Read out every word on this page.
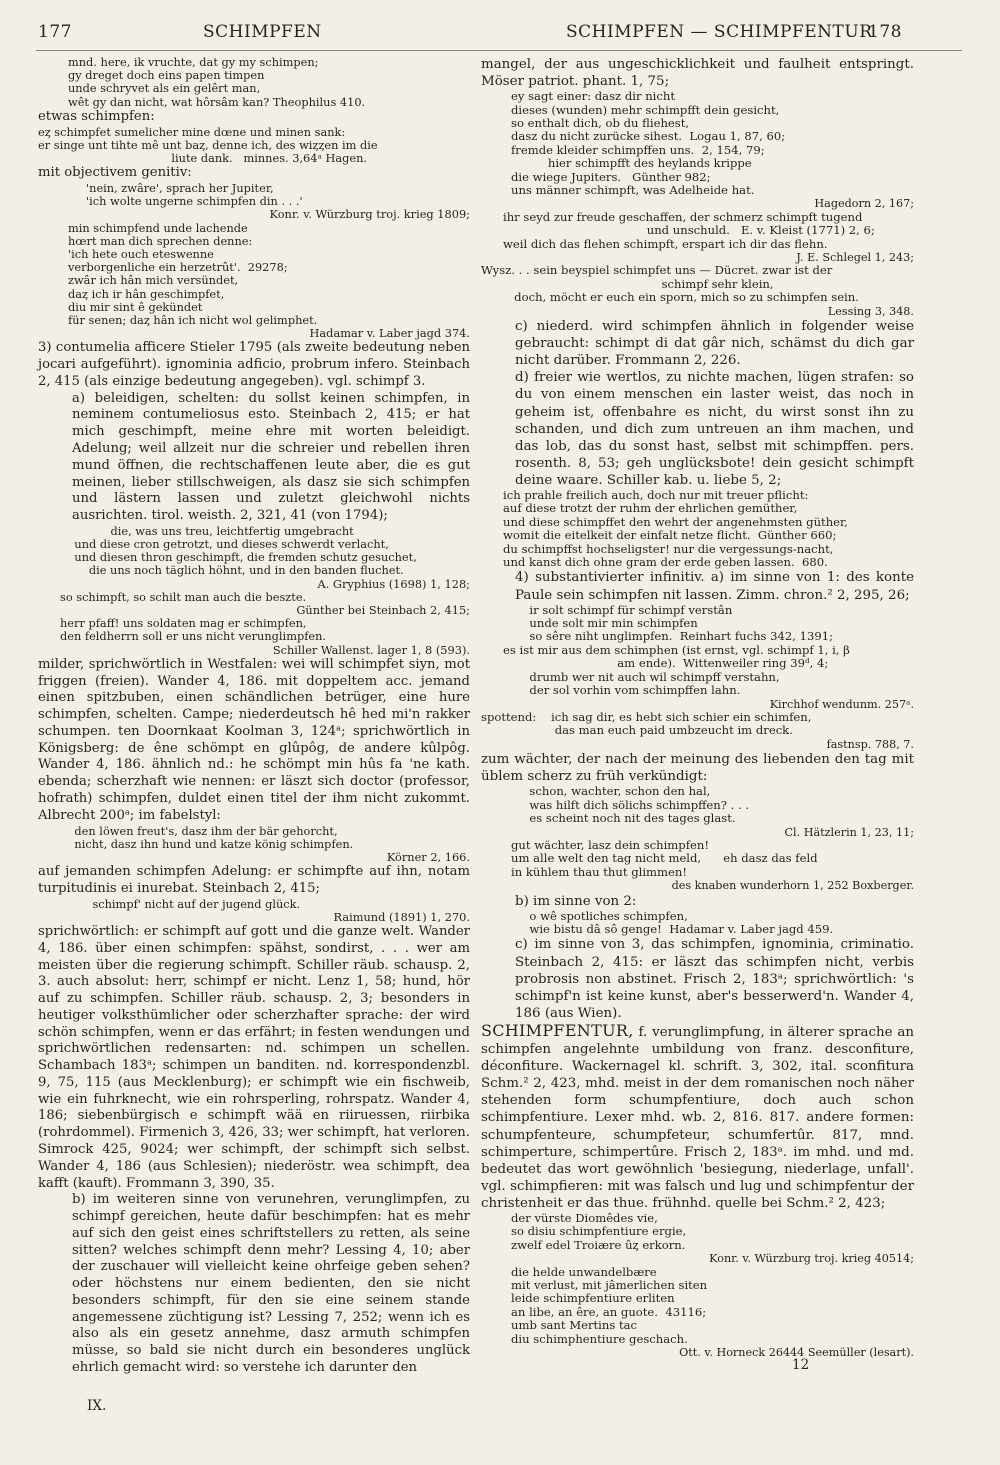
177	SCHIMPFEN	SCHIMPFEN — SCHIMPFENTUR
178
mnd. here, ik vruchte, dat gy my schimpen;
gy dreget doch eins papen timpen
unde schryvet als ein gelêrt man,
wêt gy dan nicht, wat hôrsâm kan? Theophilus 410.

etwas schimpfen:

eȥ schimpfet sumelicher mine dœne und minen sank:
er singe unt tihte mê unt baȥ, denne ich, des wiȥȥen im die
liute dank.   minnes. 3,64ᵃ Hagen.

mit objectivem genitiv:

'nein, zwâre', sprach her Jupiter,
'ich wolte ungerne schimpfen din . . .'
Konr. v. Würzburg troj. krieg 1809;
min schimpfend unde lachende
hœrt man dich sprechen denne:
'ich hete ouch eteswenne
verborgenliche ein herzetrût'.  29278;
zwâr ich hân mich versündet,
daȥ ich ir hân geschimpfet,
diu mir sint ê gekündet
für senen; daȥ hân ich nicht wol gelimphet.
Hadamar v. Laber jagd 374.

3) contumelia afficere Stieler 1795 (als zweite bedeutung neben jocari aufgeführt). ignominia adficio, probrum infero. Steinbach 2, 415 (als einzige bedeutung angegeben). vgl. schimpf 3.

a) beleidigen, schelten: du sollst keinen schimpfen, in neminem contumeliosus esto. Steinbach 2, 415; er hat mich geschimpft, meine ehre mit worten beleidigt. Adelung; weil allzeit nur die schreier und rebellen ihren mund öffnen, die rechtschaffenen leute aber, die es gut meinen, lieber stillschweigen, als dasz sie sich schimpfen und lästern lassen und zuletzt gleichwohl nichts ausrichten. tirol. weisth. 2, 321, 41 (von 1794);

die, was uns treu, leichtfertig umgebracht
und diese cron getrotzt, und dieses schwerdt verlacht,
und diesen thron geschimpft, die fremden schutz gesuchet,
die uns noch täglich höhnt, und in den banden fluchet.
A. Gryphius (1698) 1, 128;
so schimpft, so schilt man auch die beszte.
Günther bei Steinbach 2, 415;
herr pfaff! uns soldaten mag er schimpfen,
den feldherrn soll er uns nicht verunglimpfen.
Schiller Wallenst. lager 1, 8 (593).

milder, sprichwörtlich in Westfalen: wei will schimpfet siyn, mot friggen (freien). Wander 4, 186. mit doppeltem acc. jemand einen spitzbuben, einen schändlichen betrüger, eine hure schimpfen, schelten. Campe; niederdeutsch hê hed mi'n rakker schumpen. ten Doornkaat Koolman 3, 124ᵃ; sprichwörtlich in Königsberg: de êne schömpt en glûpôg, de andere kûlpôg. Wander 4, 186. ähnlich nd.: he schömpt min hûs fa 'ne kath. ebenda; scherzhaft wie nennen: er läszt sich doctor (professor, hofrath) schimpfen, duldet einen titel der ihm nicht zukommt. Albrecht 200ᵃ; im fabelstyl:

den löwen freut's, dasz ihm der bär gehorcht,
nicht, dasz ihn hund und katze könig schimpfen.
Körner 2, 166.

auf jemanden schimpfen Adelung: er schimpfte auf ihn, notam turpitudinis ei inurebat. Steinbach 2, 415;

schimpf' nicht auf der jugend glück.
Raimund (1891) 1, 270.

sprichwörtlich: er schimpft auf gott und die ganze welt. Wander 4, 186. über einen schimpfen: spähst, sondirst, . . . wer am meisten über die regierung schimpft. Schiller räub. schausp. 2, 3. auch absolut: herr, schimpf er nicht. Lenz 1, 58; hund, hör auf zu schimpfen. Schiller räub. schausp. 2, 3; besonders in heutiger volksthümlicher oder scherzhafter sprache: der wird schön schimpfen, wenn er das erfährt; in festen wendungen und sprichwörtlichen redensarten: nd. schimpen un schellen. Schambach 183ᵃ; schimpen un banditen. nd. korrespondenzbl. 9, 75, 115 (aus Mecklenburg); er schimpft wie ein fischweib, wie ein fuhrknecht, wie ein rohrsperling, rohrspatz. Wander 4, 186; siebenbürgisch e schimpft wää en riiruessen, riirbika (rohrdommel). Firmenich 3, 426, 33; wer schimpft, hat verloren. Simrock 425, 9024; wer schimpft, der schimpft sich selbst. Wander 4, 186 (aus Schlesien); niederöstr. wea schimpft, dea kafft (kauft). Frommann 3, 390, 35.

b) im weiteren sinne von verunehren, verunglimpfen, zu schimpf gereichen, heute dafür beschimpfen: hat es mehr auf sich den geist eines schriftstellers zu retten, als seine sitten? welches schimpft denn mehr? Lessing 4, 10; aber der zuschauer will vielleicht keine ohrfeige geben sehen? oder höchstens nur einem bedienten, den sie nicht besonders schimpft, für den sie eine seinem stande angemessene züchtigung ist? Lessing 7, 252; wenn ich es also als ein gesetz annehme, dasz armuth schimpfen müsse, so bald sie nicht durch ein besonderes unglück ehrlich gemacht wird: so verstehe ich darunter den

mangel, der aus ungeschicklichkeit und faulheit entspringt. Möser patriot. phant. 1, 75;

ey sagt einer: dasz dir nicht
dieses (wunden) mehr schimpfft dein gesicht,
so enthalt dich, ob du fliehest,
dasz du nicht zurücke sihest.  Logau 1, 87, 60;
fremde kleider schimpffen uns.  2, 154, 79;
hier schimpfft des heylands krippe
die wiege Jupiters.   Günther 982;
uns männer schimpft, was Adelheide hat.
Hagedorn 2, 167;
ihr seyd zur freude geschaffen, der schmerz schimpft tugend
und unschuld.   E. v. Kleist (1771) 2, 6;
weil dich das flehen schimpft, erspart ich dir das flehn.
J. E. Schlegel 1, 243;
Wysz. . . sein beyspiel schimpfet uns — Dücret. zwar ist der
schimpf sehr klein,
doch, möcht er euch ein sporn, mich so zu schimpfen sein.
Lessing 3, 348.

c) niederd. wird schimpfen ähnlich in folgender weise gebraucht: schimpt di dat gâr nich, schämst du dich gar nicht darüber. Frommann 2, 226.

d) freier wie wertlos, zu nichte machen, lügen strafen: so du von einem menschen ein laster weist, das noch in geheim ist, offenbahre es nicht, du wirst sonst ihn zu schanden, und dich zum untreuen an ihm machen, und das lob, das du sonst hast, selbst mit schimpffen. pers. rosenth. 8, 53; geh unglücksbote! dein gesicht schimpft deine waare. Schiller kab. u. liebe 5, 2;

ich prahle freilich auch, doch nur mit treuer pflicht:
auf diese trotzt der ruhm der ehrlichen gemüther,
und diese schimpffet den wehrt der angenehmsten güther,
womit die eitelkeit der einfalt netze flicht.  Günther 660;
du schimpffst hochseligster! nur die vergessungs-nacht,
und kanst dich ohne gram der erde geben lassen.  680.

4) substantivierter infinitiv. a) im sinne von 1: des konte Paule sein schimpfen nit lassen. Zimm. chron.² 2, 295, 26;

ir solt schimpf für schimpf verstân
unde solt mir min schimpfen
so sêre niht unglimpfen.  Reinhart fuchs 342, 1391;
es ist mir aus dem schimphen (ist ernst, vgl. schimpf 1, i, β
am ende).  Wittenweiler ring 39ᵈ, 4;
drumb wer nit auch wil schimpff verstahn,
der sol vorhin vom schimpffen lahn.
Kirchhof wendunm. 257ᵃ.
spottend:    ich sag dir, es hebt sich schier ein schimfen,
das man euch paid umbzeucht im dreck.
fastnsp. 788, 7.

zum wächter, der nach der meinung des liebenden den tag mit üblem scherz zu früh verkündigt:

schon, wachter, schon den hal,
was hilft dich sölichs schimpffen? . . .
es scheint noch nit des tages glast.
Cl. Hätzlerin 1, 23, 11;
gut wächter, lasz dein schimpfen!
um alle welt den tag nicht meld,      eh dasz das feld
in kühlem thau thut glimmen!
des knaben wunderhorn 1, 252 Boxberger.

b) im sinne von 2:

o wê spotliches schimpfen,
wie bistu dâ sô genge!  Hadamar v. Laber jagd 459.

c) im sinne von 3, das schimpfen, ignominia, criminatio. Steinbach 2, 415: er läszt das schimpfen nicht, verbis probrosis non abstinet. Frisch 2, 183ᵃ; sprichwörtlich: 's schimpf'n ist keine kunst, aber's besserwerd'n. Wander 4, 186 (aus Wien).

SCHIMPFENTUR, f. verunglimpfung, in älterer sprache an schimpfen angelehnte umbildung von franz. desconfiture, déconfiture. Wackernagel kl. schrift. 3, 302, ital. sconfitura Schm.² 2, 423, mhd. meist in der dem romanischen noch näher stehenden form schumpfentiure, doch auch schon schimpfentiure. Lexer mhd. wb. 2, 816. 817. andere formen: schumpfenteure, schumpfeteur, schumfertûr. 817, mnd. schimperture, schimpertûre. Frisch 2, 183ᵃ. im mhd. und md. bedeutet das wort gewöhnlich 'besiegung, niederlage, unfall'. vgl. schimpfieren: mit was falsch und lug und schimpfentur der christenheit er das thue. frühnhd. quelle bei Schm.² 2, 423;

der vürste Diomêdes vie,
so disiu schimpfentiure ergie,
zwelf edel Troiære ûȥ erkorn.
Konr. v. Würzburg troj. krieg 40514;
die helde unwandelbære
mit verlust, mit jâmerlichen siten
leide schimpfentiure erliten
an libe, an êre, an guote.  43116;
umb sant Mertins tac
diu schimphentiure geschach.
Ott. v. Horneck 26444 Seemüller (lesart).
IX.
12
